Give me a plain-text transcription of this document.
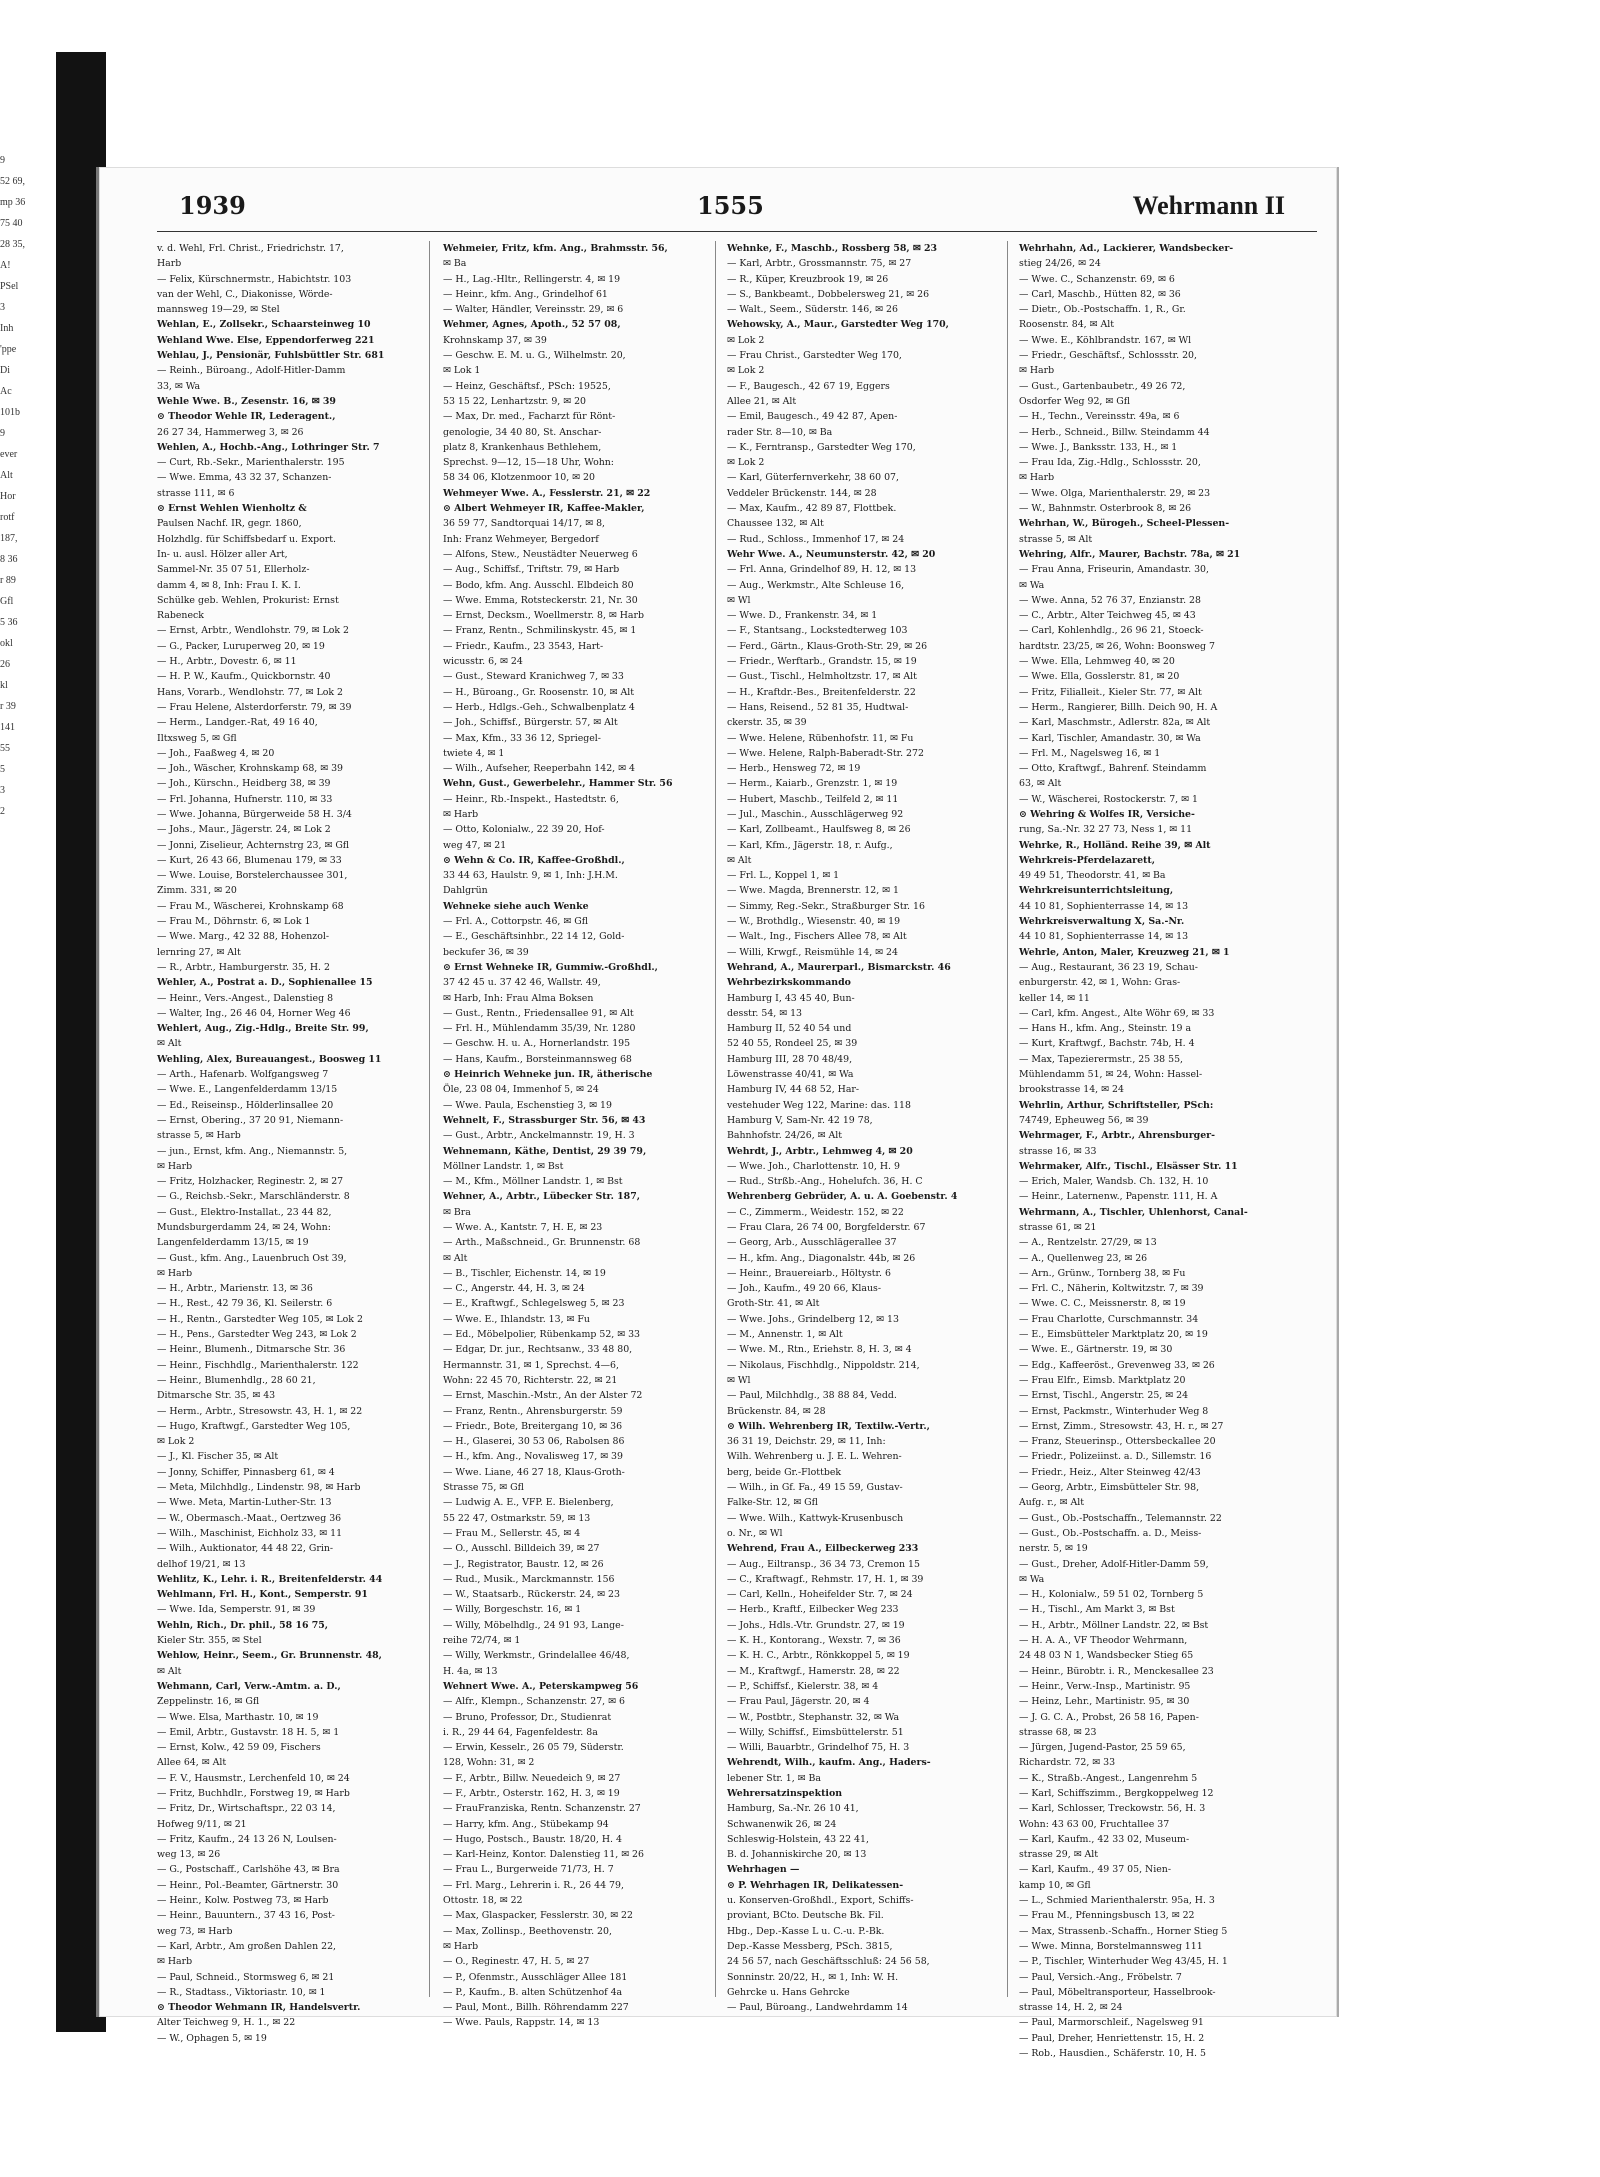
9
52 69,
mp 36
75 40
28 35,
A!
PSel
3
Inh
'ppe
Di
Ac
101b
9
ever
Alt
Hor
rotf
187,
8 36
r 89
Gfl
5 36
okl
26
kl
r 39
141
55
5
3
2
1939	1555	Wehrmann II
v. d. Wehl, Frl. Christ., Friedrichstr. 17,
Harb
— Felix, Kürschnermstr., Habichtstr. 103
van der Wehl, C., Diakonisse, Wörde-
mannsweg 19—29, ✉ Stel
Wehlan, E., Zollsekr., Schaarsteinweg 10
Wehland Wwe. Else, Eppendorferweg 221
Wehlau, J., Pensionär, Fuhlsbüttler Str. 681
— Reinh., Büroang., Adolf-Hitler-Damm
33, ✉ Wa
Wehle Wwe. B., Zesenstr. 16, ✉ 39
⊙ Theodor Wehle IR, Lederagent.,
26 27 34, Hammerweg 3, ✉ 26
Wehlen, A., Hochb.-Ang., Lothringer Str. 7
— Curt, Rb.-Sekr., Marienthalerstr. 195
— Wwe. Emma, 43 32 37, Schanzen-
strasse 111, ✉ 6
⊙ Ernst Wehlen Wienholtz &
Paulsen Nachf. IR, gegr. 1860,
Holzhdlg. für Schiffsbedarf u. Export.
In- u. ausl. Hölzer aller Art,
Sammel-Nr. 35 07 51, Ellerholz-
damm 4, ✉ 8, Inh: Frau I. K. I.
Schülke geb. Wehlen, Prokurist: Ernst
Rabeneck
— Ernst, Arbtr., Wendlohstr. 79, ✉ Lok 2
— G., Packer, Luruperweg 20, ✉ 19
— H., Arbtr., Dovestr. 6, ✉ 11
— H. P. W., Kaufm., Quickbornstr. 40
Hans, Vorarb., Wendlohstr. 77, ✉ Lok 2
— Frau Helene, Alsterdorferstr. 79, ✉ 39
— Herm., Landger.-Rat, 49 16 40,
Iltxsweg 5, ✉ Gfl
— Joh., Faaßweg 4, ✉ 20
— Joh., Wäscher, Krohnskamp 68, ✉ 39
— Joh., Kürschn., Heidberg 38, ✉ 39
— Frl. Johanna, Hufnerstr. 110, ✉ 33
— Wwe. Johanna, Bürgerweide 58 H. 3/4
— Johs., Maur., Jägerstr. 24, ✉ Lok 2
— Jonni, Ziselieur, Achternstrg 23, ✉ Gfl
— Kurt, 26 43 66, Blumenau 179, ✉ 33
— Wwe. Louise, Borstelerchaussee 301,
Zimm. 331, ✉ 20
— Frau M., Wäscherei, Krohnskamp 68
— Frau M., Döhrnstr. 6, ✉ Lok 1
— Wwe. Marg., 42 32 88, Hohenzol-
lernring 27, ✉ Alt
— R., Arbtr., Hamburgerstr. 35, H. 2
Wehler, A., Postrat a. D., Sophienallee 15
— Heinr., Vers.-Angest., Dalenstieg 8
— Walter, Ing., 26 46 04, Horner Weg 46
Wehlert, Aug., Zig.-Hdlg., Breite Str. 99,
✉ Alt
Wehling, Alex, Bureauangest., Boosweg 11
— Arth., Hafenarb. Wolfgangsweg 7
— Wwe. E., Langenfelderdamm 13/15
— Ed., Reiseinsp., Hölderlinsallee 20
— Ernst, Obering., 37 20 91, Niemann-
strasse 5, ✉ Harb
— jun., Ernst, kfm. Ang., Niemannstr. 5,
✉ Harb
— Fritz, Holzhacker, Reginestr. 2, ✉ 27
— G., Reichsb.-Sekr., Marschländerstr. 8
— Gust., Elektro-Installat., 23 44 82,
Mundsburgerdamm 24, ✉ 24, Wohn:
Langenfelderdamm 13/15, ✉ 19
— Gust., kfm. Ang., Lauenbruch Ost 39,
✉ Harb
— H., Arbtr., Marienstr. 13, ✉ 36
— H., Rest., 42 79 36, Kl. Seilerstr. 6
— H., Rentn., Garstedter Weg 105, ✉ Lok 2
— H., Pens., Garstedter Weg 243, ✉ Lok 2
— Heinr., Blumenh., Ditmarsche Str. 36
— Heinr., Fischhdlg., Marienthalerstr. 122
— Heinr., Blumenhdlg., 28 60 21,
Ditmarsche Str. 35, ✉ 43
— Herm., Arbtr., Stresowstr. 43, H. 1, ✉ 22
— Hugo, Kraftwgf., Garstedter Weg 105,
✉ Lok 2
— J., Kl. Fischer 35, ✉ Alt
— Jonny, Schiffer, Pinnasberg 61, ✉ 4
— Meta, Milchhdlg., Lindenstr. 98, ✉ Harb
— Wwe. Meta, Martin-Luther-Str. 13
— W., Obermasch.-Maat., Oertzweg 36
— Wilh., Maschinist, Eichholz 33, ✉ 11
— Wilh., Auktionator, 44 48 22, Grin-
delhof 19/21, ✉ 13
Wehlitz, K., Lehr. i. R., Breitenfelderstr. 44
Wehlmann, Frl. H., Kont., Semperstr. 91
— Wwe. Ida, Semperstr. 91, ✉ 39
Wehln, Rich., Dr. phil., 58 16 75,
Kieler Str. 355, ✉ Stel
Wehlow, Heinr., Seem., Gr. Brunnenstr. 48,
✉ Alt
Wehmann, Carl, Verw.-Amtm. a. D.,
Zeppelinstr. 16, ✉ Gfl
— Wwe. Elsa, Marthastr. 10, ✉ 19
— Emil, Arbtr., Gustavstr. 18 H. 5, ✉ 1
— Ernst, Kolw., 42 59 09, Fischers
Allee 64, ✉ Alt
— F. V., Hausmstr., Lerchenfeld 10, ✉ 24
— Fritz, Buchhdlr., Forstweg 19, ✉ Harb
— Fritz, Dr., Wirtschaftspr., 22 03 14,
Hofweg 9/11, ✉ 21
— Fritz, Kaufm., 24 13 26 N, Loulsen-
weg 13, ✉ 26
— G., Postschaff., Carlshöhe 43, ✉ Bra
— Heinr., Pol.-Beamter, Gärtnerstr. 30
— Heinr., Kolw. Postweg 73, ✉ Harb
— Heinr., Bauuntern., 37 43 16, Post-
weg 73, ✉ Harb
— Karl, Arbtr., Am großen Dahlen 22,
✉ Harb
— Paul, Schneid., Stormsweg 6, ✉ 21
— R., Stadtass., Viktoriastr. 10, ✉ 1
⊙ Theodor Wehmann IR, Handelsvertr.
Alter Teichweg 9, H. 1., ✉ 22
— W., Ophagen 5, ✉ 19
Wehmeier, Fritz, kfm. Ang., Brahmsstr. 56,
✉ Ba
— H., Lag.-Hltr., Rellingerstr. 4, ✉ 19
— Heinr., kfm. Ang., Grindelhof 61
— Walter, Händler, Vereinsstr. 29, ✉ 6
Wehmer, Agnes, Apoth., 52 57 08,
Krohnskamp 37, ✉ 39
— Geschw. E. M. u. G., Wilhelmstr. 20,
✉ Lok 1
— Heinz, Geschäftsf., PSch: 19525,
53 15 22, Lenhartzstr. 9, ✉ 20
— Max, Dr. med., Facharzt für Rönt-
genologie, 34 40 80, St. Anschar-
platz 8, Krankenhaus Bethlehem,
Sprechst. 9—12, 15—18 Uhr, Wohn:
58 34 06, Klotzenmoor 10, ✉ 20
Wehmeyer Wwe. A., Fesslerstr. 21, ✉ 22
⊙ Albert Wehmeyer IR, Kaffee-Makler,
36 59 77, Sandtorquai 14/17, ✉ 8,
Inh: Franz Wehmeyer, Bergedorf
— Alfons, Stew., Neustädter Neuerweg 6
— Aug., Schiffsf., Triftstr. 79, ✉ Harb
— Bodo, kfm. Ang. Ausschl. Elbdeich 80
— Wwe. Emma, Rotsteckerstr. 21, Nr. 30
— Ernst, Decksm., Woellmerstr. 8, ✉ Harb
— Franz, Rentn., Schmilinskystr. 45, ✉ 1
— Friedr., Kaufm., 23 3543, Hart-
wicusstr. 6, ✉ 24
— Gust., Steward Kranichweg 7, ✉ 33
— H., Büroang., Gr. Roosenstr. 10, ✉ Alt
— Herb., Hdlgs.-Geh., Schwalbenplatz 4
— Joh., Schiffsf., Bürgerstr. 57, ✉ Alt
— Max, Kfm., 33 36 12, Spriegel-
twiete 4, ✉ 1
— Wilh., Aufseher, Reeperbahn 142, ✉ 4
Wehn, Gust., Gewerbelehr., Hammer Str. 56
— Heinr., Rb.-Inspekt., Hastedtstr. 6,
✉ Harb
— Otto, Kolonialw., 22 39 20, Hof-
weg 47, ✉ 21
⊙ Wehn & Co. IR, Kaffee-Großhdl.,
33 44 63, Haulstr. 9, ✉ 1, Inh: J.H.M.
Dahlgrün
Wehneke siehe auch Wenke
— Frl. A., Cottorpstr. 46, ✉ Gfl
— E., Geschäftsinhbr., 22 14 12, Gold-
beckufer 36, ✉ 39
⊙ Ernst Wehneke IR, Gummiw.-Großhdl.,
37 42 45 u. 37 42 46, Wallstr. 49,
✉ Harb, Inh: Frau Alma Boksen
— Gust., Rentn., Friedensallee 91, ✉ Alt
— Frl. H., Mühlendamm 35/39, Nr. 1280
— Geschw. H. u. A., Hornerlandstr. 195
— Hans, Kaufm., Borsteinmannsweg 68
⊙ Heinrich Wehneke jun. IR, ätherische
Öle, 23 08 04, Immenhof 5, ✉ 24
— Wwe. Paula, Eschenstieg 3, ✉ 19
Wehnelt, F., Strassburger Str. 56, ✉ 43
— Gust., Arbtr., Anckelmannstr. 19, H. 3
Wehnemann, Käthe, Dentist, 29 39 79,
Möllner Landstr. 1, ✉ Bst
— M., Kfm., Möllner Landstr. 1, ✉ Bst
Wehner, A., Arbtr., Lübecker Str. 187,
✉ Bra
— Wwe. A., Kantstr. 7, H. E, ✉ 23
— Arth., Maßschneid., Gr. Brunnenstr. 68
✉ Alt
— B., Tischler, Eichenstr. 14, ✉ 19
— C., Angerstr. 44, H. 3, ✉ 24
— E., Kraftwgf., Schlegelsweg 5, ✉ 23
— Wwe. E., Ihlandstr. 13, ✉ Fu
— Ed., Möbelpolier, Rübenkamp 52, ✉ 33
— Edgar, Dr. jur., Rechtsanw., 33 48 80,
Hermannstr. 31, ✉ 1, Sprechst. 4—6,
Wohn: 22 45 70, Richterstr. 22, ✉ 21
— Ernst, Maschin.-Mstr., An der Alster 72
— Franz, Rentn., Ahrensburgerstr. 59
— Friedr., Bote, Breitergang 10, ✉ 36
— H., Glaserei, 30 53 06, Rabolsen 86
— H., kfm. Ang., Novalisweg 17, ✉ 39
— Wwe. Liane, 46 27 18, Klaus-Groth-
Strasse 75, ✉ Gfl
— Ludwig A. E., VFP. E. Bielenberg,
55 22 47, Ostmarkstr. 59, ✉ 13
— Frau M., Sellerstr. 45, ✉ 4
— O., Ausschl. Billdeich 39, ✉ 27
— J., Registrator, Baustr. 12, ✉ 26
— Rud., Musik., Marckmannstr. 156
— W., Staatsarb., Rückerstr. 24, ✉ 23
— Willy, Borgeschstr. 16, ✉ 1
— Willy, Möbelhdlg., 24 91 93, Lange-
reihe 72/74, ✉ 1
— Willy, Werkmstr., Grindelallee 46/48,
H. 4a, ✉ 13
Wehnert Wwe. A., Peterskampweg 56
— Alfr., Klempn., Schanzenstr. 27, ✉ 6
— Bruno, Professor, Dr., Studienrat
i. R., 29 44 64, Fagenfeldestr. 8a
— Erwin, Kesselr., 26 05 79, Süderstr.
128, Wohn: 31, ✉ 2
— F., Arbtr., Billw. Neuedeich 9, ✉ 27
— F., Arbtr., Osterstr. 162, H. 3, ✉ 19
— FrauFranziska, Rentn. Schanzenstr. 27
— Harry, kfm. Ang., Stübekamp 94
— Hugo, Postsch., Baustr. 18/20, H. 4
— Karl-Heinz, Kontor. Dalenstieg 11, ✉ 26
— Frau L., Burgerweide 71/73, H. 7
— Frl. Marg., Lehrerin i. R., 26 44 79,
Ottostr. 18, ✉ 22
— Max, Glaspacker, Fesslerstr. 30, ✉ 22
— Max, Zollinsp., Beethovenstr. 20,
✉ Harb
— O., Reginestr. 47, H. 5, ✉ 27
— P., Ofenmstr., Ausschläger Allee 181
— P., Kaufm., B. alten Schützenhof 4a
— Paul, Mont., Billh. Röhrendamm 227
— Wwe. Pauls, Rappstr. 14, ✉ 13
Wehnke, F., Maschb., Rossberg 58, ✉ 23
— Karl, Arbtr., Grossmannstr. 75, ✉ 27
— R., Küper, Kreuzbrook 19, ✉ 26
— S., Bankbeamt., Dobbelersweg 21, ✉ 26
— Walt., Seem., Süderstr. 146, ✉ 26
Wehowsky, A., Maur., Garstedter Weg 170,
✉ Lok 2
— Frau Christ., Garstedter Weg 170,
✉ Lok 2
— F., Baugesch., 42 67 19, Eggers
Allee 21, ✉ Alt
— Emil, Baugesch., 49 42 87, Apen-
rader Str. 8—10, ✉ Ba
— K., Ferntransp., Garstedter Weg 170,
✉ Lok 2
— Karl, Güterfernverkehr, 38 60 07,
Veddeler Brückenstr. 144, ✉ 28
— Max, Kaufm., 42 89 87, Flottbek.
Chaussee 132, ✉ Alt
— Rud., Schloss., Immenhof 17, ✉ 24
Wehr Wwe. A., Neumunsterstr. 42, ✉ 20
— Frl. Anna, Grindelhof 89, H. 12, ✉ 13
— Aug., Werkmstr., Alte Schleuse 16,
✉ Wl
— Wwe. D., Frankenstr. 34, ✉ 1
— F., Stantsang., Lockstedterweg 103
— Ferd., Gärtn., Klaus-Groth-Str. 29, ✉ 26
— Friedr., Werftarb., Grandstr. 15, ✉ 19
— Gust., Tischl., Helmholtzstr. 17, ✉ Alt
— H., Kraftdr.-Bes., Breitenfelderstr. 22
— Hans, Reisend., 52 81 35, Hudtwal-
ckerstr. 35, ✉ 39
— Wwe. Helene, Rübenhofstr. 11, ✉ Fu
— Wwe. Helene, Ralph-Baberadt-Str. 272
— Herb., Hensweg 72, ✉ 19
— Herm., Kaiarb., Grenzstr. 1, ✉ 19
— Hubert, Maschb., Teilfeld 2, ✉ 11
— Jul., Maschin., Ausschlägerweg 92
— Karl, Zollbeamt., Haulfsweg 8, ✉ 26
— Karl, Kfm., Jägerstr. 18, r. Aufg.,
✉ Alt
— Frl. L., Koppel 1, ✉ 1
— Wwe. Magda, Brennerstr. 12, ✉ 1
— Simmy, Reg.-Sekr., Straßburger Str. 16
— W., Brothdlg., Wiesenstr. 40, ✉ 19
— Walt., Ing., Fischers Allee 78, ✉ Alt
— Willi, Krwgf., Reismühle 14, ✉ 24
Wehrand, A., Maurerparl., Bismarckstr. 46
Wehrbezirkskommando
Hamburg I, 43 45 40, Bun-
desstr. 54, ✉ 13
Hamburg II, 52 40 54 und
52 40 55, Rondeel 25, ✉ 39
Hamburg III, 28 70 48/49,
Löwenstrasse 40/41, ✉ Wa
Hamburg IV, 44 68 52, Har-
vestehuder Weg 122, Marine: das. 118
Hamburg V, Sam-Nr. 42 19 78,
Bahnhofstr. 24/26, ✉ Alt
Wehrdt, J., Arbtr., Lehmweg 4, ✉ 20
— Wwe. Joh., Charlottenstr. 10, H. 9
— Rud., Strßb.-Ang., Hohelufch. 36, H. C
Wehrenberg Gebrüder, A. u. A. Goebenstr. 4
— C., Zimmerm., Weidestr. 152, ✉ 22
— Frau Clara, 26 74 00, Borgfelderstr. 67
— Georg, Arb., Ausschlägerallee 37
— H., kfm. Ang., Diagonalstr. 44b, ✉ 26
— Heinr., Brauereiarb., Höltystr. 6
— Joh., Kaufm., 49 20 66, Klaus-
Groth-Str. 41, ✉ Alt
— Wwe. Johs., Grindelberg 12, ✉ 13
— M., Annenstr. 1, ✉ Alt
— Wwe. M., Rtn., Eriehstr. 8, H. 3, ✉ 4
— Nikolaus, Fischhdlg., Nippoldstr. 214,
✉ Wl
— Paul, Milchhdlg., 38 88 84, Vedd.
Brückenstr. 84, ✉ 28
⊙ Wilh. Wehrenberg IR, Textilw.-Vertr.,
36 31 19, Deichstr. 29, ✉ 11, Inh:
Wilh. Wehrenberg u. J. E. L. Wehren-
berg, beide Gr.-Flottbek
— Wilh., in Gf. Fa., 49 15 59, Gustav-
Falke-Str. 12, ✉ Gfl
— Wwe. Wilh., Kattwyk-Krusenbusch
o. Nr., ✉ Wl
Wehrend, Frau A., Eilbeckerweg 233
— Aug., Eiltransp., 36 34 73, Cremon 15
— C., Kraftwagf., Rehmstr. 17, H. 1, ✉ 39
— Carl, Kelln., Hoheifelder Str. 7, ✉ 24
— Herb., Kraftf., Eilbecker Weg 233
— Johs., Hdls.-Vtr. Grundstr. 27, ✉ 19
— K. H., Kontorang., Wexstr. 7, ✉ 36
— K. H. C., Arbtr., Rönkkoppel 5, ✉ 19
— M., Kraftwgf., Hamerstr. 28, ✉ 22
— P., Schiffsf., Kielerstr. 38, ✉ 4
— Frau Paul, Jägerstr. 20, ✉ 4
— W., Postbtr., Stephanstr. 32, ✉ Wa
— Willy, Schiffsf., Eimsbüttelerstr. 51
— Willi, Bauarbtr., Grindelhof 75, H. 3
Wehrendt, Wilh., kaufm. Ang., Haders-
lebener Str. 1, ✉ Ba
Wehrersatzinspektion
Hamburg, Sa.-Nr. 26 10 41,
Schwanenwik 26, ✉ 24
Schleswig-Holstein, 43 22 41,
B. d. Johanniskirche 20, ✉ 13
Wehrhagen —
⊙ P. Wehrhagen IR, Delikatessen-
u. Konserven-Großhdl., Export, Schiffs-
proviant, BCto. Deutsche Bk. Fil.
Hbg., Dep.-Kasse L u. C.-u. P.-Bk.
Dep.-Kasse Messberg, PSch. 3815,
24 56 57, nach Geschäftsschluß: 24 56 58,
Sonninstr. 20/22, H., ✉ 1, Inh: W. H.
Gehrcke u. Hans Gehrcke
— Paul, Büroang., Landwehrdamm 14
Wehrhahn, Ad., Lackierer, Wandsbecker-
stieg 24/26, ✉ 24
— Wwe. C., Schanzenstr. 69, ✉ 6
— Carl, Maschb., Hütten 82, ✉ 36
— Dietr., Ob.-Postschaffn. 1, R., Gr.
Roosenstr. 84, ✉ Alt
— Wwe. E., Köhlbrandstr. 167, ✉ Wl
— Friedr., Geschäftsf., Schlossstr. 20,
✉ Harb
— Gust., Gartenbaubetr., 49 26 72,
Osdorfer Weg 92, ✉ Gfl
— H., Techn., Vereinsstr. 49a, ✉ 6
— Herb., Schneid., Billw. Steindamm 44
— Wwe. J., Banksstr. 133, H., ✉ 1
— Frau Ida, Zig.-Hdlg., Schlossstr. 20,
✉ Harb
— Wwe. Olga, Marienthalerstr. 29, ✉ 23
— W., Bahnmstr. Osterbrook 8, ✉ 26
Wehrhan, W., Bürogeh., Scheel-Plessen-
strasse 5, ✉ Alt
Wehring, Alfr., Maurer, Bachstr. 78a, ✉ 21
— Frau Anna, Friseurin, Amandastr. 30,
✉ Wa
— Wwe. Anna, 52 76 37, Enzianstr. 28
— C., Arbtr., Alter Teichweg 45, ✉ 43
— Carl, Kohlenhdlg., 26 96 21, Stoeck-
hardtstr. 23/25, ✉ 26, Wohn: Boonsweg 7
— Wwe. Ella, Lehmweg 40, ✉ 20
— Wwe. Ella, Gosslerstr. 81, ✉ 20
— Fritz, Filialleit., Kieler Str. 77, ✉ Alt
— Herm., Rangierer, Billh. Deich 90, H. A
— Karl, Maschmstr., Adlerstr. 82a, ✉ Alt
— Karl, Tischler, Amandastr. 30, ✉ Wa
— Frl. M., Nagelsweg 16, ✉ 1
— Otto, Kraftwgf., Bahrenf. Steindamm
63, ✉ Alt
— W., Wäscherei, Rostockerstr. 7, ✉ 1
⊙ Wehring & Wolfes IR, Versiche-
rung, Sa.-Nr. 32 27 73, Ness 1, ✉ 11
Wehrke, R., Holländ. Reihe 39, ✉ Alt
Wehrkreis-Pferdelazarett,
49 49 51, Theodorstr. 41, ✉ Ba
Wehrkreisunterrichtsleitung,
44 10 81, Sophienterrasse 14, ✉ 13
Wehrkreisverwaltung X, Sa.-Nr.
44 10 81, Sophienterrasse 14, ✉ 13
Wehrle, Anton, Maler, Kreuzweg 21, ✉ 1
— Aug., Restaurant, 36 23 19, Schau-
enburgerstr. 42, ✉ 1, Wohn: Gras-
keller 14, ✉ 11
— Carl, kfm. Angest., Alte Wöhr 69, ✉ 33
— Hans H., kfm. Ang., Steinstr. 19 a
— Kurt, Kraftwgf., Bachstr. 74b, H. 4
— Max, Tapezierermstr., 25 38 55,
Mühlendamm 51, ✉ 24, Wohn: Hassel-
brookstrasse 14, ✉ 24
Wehrlin, Arthur, Schriftsteller, PSch:
74749, Epheuweg 56, ✉ 39
Wehrmager, F., Arbtr., Ahrensburger-
strasse 16, ✉ 33
Wehrmaker, Alfr., Tischl., Elsässer Str. 11
— Erich, Maler, Wandsb. Ch. 132, H. 10
— Heinr., Laternenw., Papenstr. 111, H. A
Wehrmann, A., Tischler, Uhlenhorst, Canal-
strasse 61, ✉ 21
— A., Rentzelstr. 27/29, ✉ 13
— A., Quellenweg 23, ✉ 26
— Arn., Grünw., Tornberg 38, ✉ Fu
— Frl. C., Näherin, Koltwitzstr. 7, ✉ 39
— Wwe. C. C., Meissnerstr. 8, ✉ 19
— Frau Charlotte, Curschmannstr. 34
— E., Eimsbütteler Marktplatz 20, ✉ 19
— Wwe. E., Gärtnerstr. 19, ✉ 30
— Edg., Kaffeeröst., Grevenweg 33, ✉ 26
— Frau Elfr., Eimsb. Marktplatz 20
— Ernst, Tischl., Angerstr. 25, ✉ 24
— Ernst, Packmstr., Winterhuder Weg 8
— Ernst, Zimm., Stresowstr. 43, H. r., ✉ 27
— Franz, Steuerinsp., Ottersbeckallee 20
— Friedr., Polizeiinst. a. D., Sillemstr. 16
— Friedr., Heiz., Alter Steinweg 42/43
— Georg, Arbtr., Eimsbütteler Str. 98,
Aufg. r., ✉ Alt
— Gust., Ob.-Postschaffn., Telemannstr. 22
— Gust., Ob.-Postschaffn. a. D., Meiss-
nerstr. 5, ✉ 19
— Gust., Dreher, Adolf-Hitler-Damm 59,
✉ Wa
— H., Kolonialw., 59 51 02, Tornberg 5
— H., Tischl., Am Markt 3, ✉ Bst
— H., Arbtr., Möllner Landstr. 22, ✉ Bst
— H. A. A., VF Theodor Wehrmann,
24 48 03 N 1, Wandsbecker Stieg 65
— Heinr., Bürobtr. i. R., Menckesallee 23
— Heinr., Verw.-Insp., Martinistr. 95
— Heinz, Lehr., Martinistr. 95, ✉ 30
— J. G. C. A., Probst, 26 58 16, Papen-
strasse 68, ✉ 23
— Jürgen, Jugend-Pastor, 25 59 65,
Richardstr. 72, ✉ 33
— K., Straßb.-Angest., Langenrehm 5
— Karl, Schiffszimm., Bergkoppelweg 12
— Karl, Schlosser, Treckowstr. 56, H. 3
Wohn: 43 63 00, Fruchtallee 37
— Karl, Kaufm., 42 33 02, Museum-
strasse 29, ✉ Alt
— Karl, Kaufm., 49 37 05, Nien-
kamp 10, ✉ Gfl
— L., Schmied Marienthalerstr. 95a, H. 3
— Frau M., Pfenningsbusch 13, ✉ 22
— Max, Strassenb.-Schaffn., Horner Stieg 5
— Wwe. Minna, Borstelmannsweg 111
— P., Tischler, Winterhuder Weg 43/45, H. 1
— Paul, Versich.-Ang., Fröbelstr. 7
— Paul, Möbeltransporteur, Hasselbrook-
strasse 14, H. 2, ✉ 24
— Paul, Marmorschleif., Nagelsweg 91
— Paul, Dreher, Henriettenstr. 15, H. 2
— Rob., Hausdien., Schäferstr. 10, H. 5
